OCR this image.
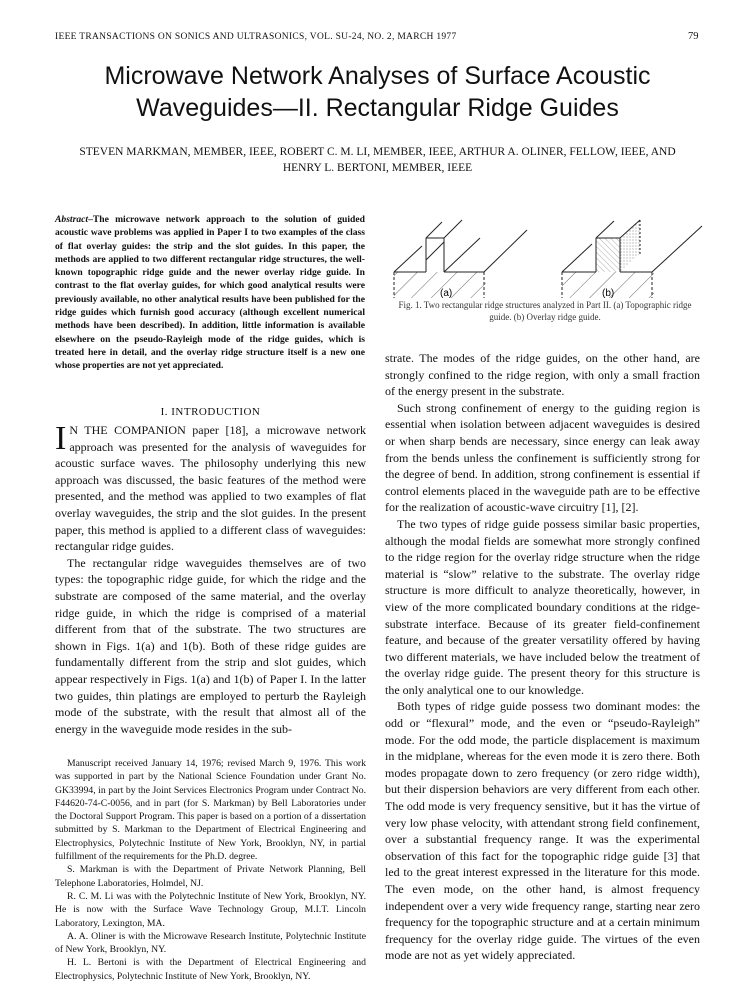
IEEE TRANSACTIONS ON SONICS AND ULTRASONICS, VOL. SU-24, NO. 2, MARCH 1977	79
Microwave Network Analyses of Surface Acoustic
Waveguides—II. Rectangular Ridge Guides
STEVEN MARKMAN, MEMBER, IEEE, ROBERT C. M. LI, MEMBER, IEEE, ARTHUR A. OLINER, FELLOW, IEEE, AND
HENRY L. BERTONI, MEMBER, IEEE
Abstract–The microwave network approach to the solution of guided acoustic wave problems was applied in Paper I to two examples of the class of flat overlay guides: the strip and the slot guides. In this paper, the methods are applied to two different rectangular ridge structures, the well-known topographic ridge guide and the newer overlay ridge guide. In contrast to the flat overlay guides, for which good analytical results were previously available, no other analytical results have been published for the ridge guides which furnish good accuracy (although excellent numerical methods have been described). In addition, little information is available elsewhere on the pseudo-Rayleigh mode of the ridge guides, which is treated here in detail, and the overlay ridge structure itself is a new one whose properties are not yet appreciated.
(a)	(b)
Fig. 1. Two rectangular ridge structures analyzed in Part II. (a) Topographic ridge guide. (b) Overlay ridge guide.
I. INTRODUCTION

I N THE COMPANION paper [18], a microwave network approach was presented for the analysis of waveguides for acoustic surface waves. The philosophy underlying this new approach was discussed, the basic features of the method were presented, and the method was applied to two examples of flat overlay waveguides, the strip and the slot guides. In the present paper, this method is applied to a different class of waveguides: rectangular ridge guides.

The rectangular ridge waveguides themselves are of two types: the topographic ridge guide, for which the ridge and the substrate are composed of the same material, and the overlay ridge guide, in which the ridge is comprised of a material different from that of the substrate. The two structures are shown in Figs. 1(a) and 1(b). Both of these ridge guides are fundamentally different from the strip and slot guides, which appear respectively in Figs. 1(a) and 1(b) of Paper I. In the latter two guides, thin platings are employed to perturb the Rayleigh mode of the substrate, with the result that almost all of the energy in the waveguide mode resides in the sub-

Manuscript received January 14, 1976; revised March 9, 1976. This work was supported in part by the National Science Foundation under Grant No. GK33994, in part by the Joint Services Electronics Program under Contract No. F44620-74-C-0056, and in part (for S. Markman) by Bell Laboratories under the Doctoral Support Program. This paper is based on a portion of a dissertation submitted by S. Markman to the Department of Electrical Engineering and Electrophysics, Polytechnic Institute of New York, Brooklyn, NY, in partial fulfillment of the requirements for the Ph.D. degree.

S. Markman is with the Department of Private Network Planning, Bell Telephone Laboratories, Holmdel, NJ.

R. C. M. Li was with the Polytechnic Institute of New York, Brooklyn, NY. He is now with the Surface Wave Technology Group, M.I.T. Lincoln Laboratory, Lexington, MA.

A. A. Oliner is with the Microwave Research Institute, Polytechnic Institute of New York, Brooklyn, NY.

H. L. Bertoni is with the Department of Electrical Engineering and Electrophysics, Polytechnic Institute of New York, Brooklyn, NY.

strate. The modes of the ridge guides, on the other hand, are strongly confined to the ridge region, with only a small fraction of the energy present in the substrate.

Such strong confinement of energy to the guiding region is essential when isolation between adjacent waveguides is desired or when sharp bends are necessary, since energy can leak away from the bends unless the confinement is sufficiently strong for the degree of bend. In addition, strong confinement is essential if control elements placed in the waveguide path are to be effective for the realization of acoustic-wave circuitry [1], [2].

The two types of ridge guide possess similar basic properties, although the modal fields are somewhat more strongly confined to the ridge region for the overlay ridge structure when the ridge material is “slow” relative to the substrate. The overlay ridge structure is more difficult to analyze theoretically, however, in view of the more complicated boundary conditions at the ridge-substrate interface. Because of its greater field-confinement feature, and because of the greater versatility offered by having two different materials, we have included below the treatment of the overlay ridge guide. The present theory for this structure is the only analytical one to our knowledge.

Both types of ridge guide possess two dominant modes: the odd or “flexural” mode, and the even or “pseudo-Rayleigh” mode. For the odd mode, the particle displacement is maximum in the midplane, whereas for the even mode it is zero there. Both modes propagate down to zero frequency (or zero ridge width), but their dispersion behaviors are very different from each other. The odd mode is very frequency sensitive, but it has the virtue of very low phase velocity, with attendant strong field confinement, over a substantial frequency range. It was the experimental observation of this fact for the topographic ridge guide [3] that led to the great interest expressed in the literature for this mode. The even mode, on the other hand, is almost frequency independent over a very wide frequency range, starting near zero frequency for the topographic structure and at a certain minimum frequency for the overlay ridge guide. The virtues of the even mode are not as yet widely appreciated.
